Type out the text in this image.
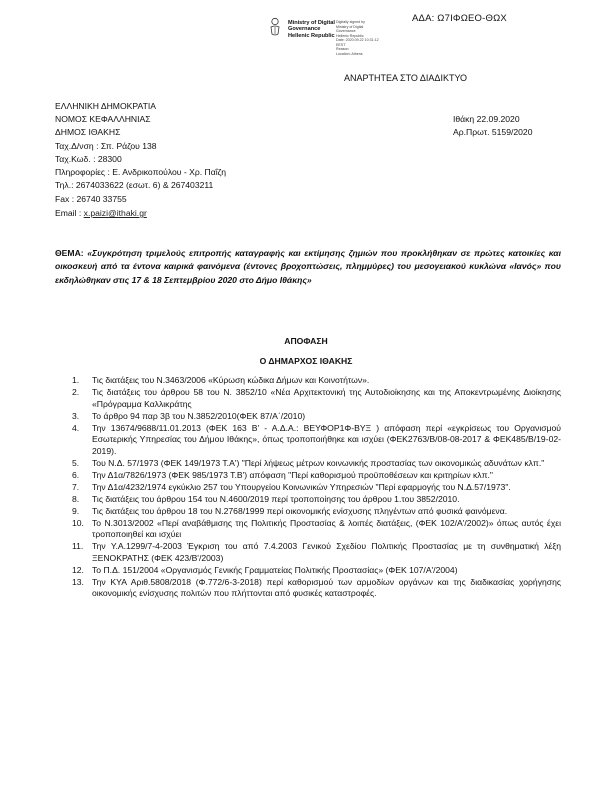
ΑΔΑ: Ω7ΙΦΩΕΟ-ΘΩΧ
Ministry of Digital
Governance
Hellenic Republic
Digitally signed by
Ministry of Digital
Governance
Hellenic Republic
Date: 2020.09.22 10:31:12
EEST
Reason:
Location: Athens
ΑΝΑΡΤΗΤΕΑ ΣΤΟ ΔΙΑΔΙΚΤΥΟ
ΕΛΛΗΝΙΚΗ ΔΗΜΟΚΡΑΤΙΑ
ΝΟΜΟΣ ΚΕΦΑΛΛΗΝΙΑΣ
ΔΗΜΟΣ ΙΘΑΚΗΣ
Ιθάκη 22.09.2020
Αρ.Πρωτ. 5159/2020
Ταχ.Δ/νση : Σπ. Ράζου 138
Ταχ.Κωδ. : 28300
Πληροφορίες : Ε. Ανδρικοπούλου - Χρ. Παΐζη
Τηλ.: 2674033622 (εσωτ. 6) & 267403211
Fax : 26740 33755
Email : x.paizi@ithaki.gr
ΘΕΜΑ: «Συγκρότηση τριμελούς επιτροπής καταγραφής και εκτίμησης ζημιών που προκλήθηκαν σε πρώτες κατοικίες και οικοσκευή από τα έντονα καιρικά φαινόμενα (έντονες βροχοπτώσεις, πλημμύρες) του μεσογειακού κυκλώνα «Ιανός» που εκδηλώθηκαν στις 17 & 18 Σεπτεμβρίου 2020 στο Δήμο Ιθάκης»
ΑΠΟΦΑΣΗ
Ο ΔΗΜΑΡΧΟΣ ΙΘΑΚΗΣ
1. Τις διατάξεις του Ν.3463/2006 «Κύρωση κώδικα Δήμων και Κοινοτήτων».
2. Τις διατάξεις του άρθρου 58 του Ν. 3852/10 «Νέα Αρχιτεκτονική της Αυτοδιοίκησης και της Αποκεντρωμένης Διοίκησης «Πρόγραμμα Καλλικράτης
3. Το άρθρο 94 παρ 3β του Ν.3852/2010(ΦΕΚ 87/Α΄/2010)
4. Την 13674/9688/11.01.2013 (ΦΕΚ 163 Β' - Α.Δ.Α.: ΒΕΥΦΟΡ1Φ-ΒΥΞ ) απόφαση περί «εγκρίσεως του Οργανισμού Εσωτερικής Υπηρεσίας του Δήμου Ιθάκης», όπως τροποποιήθηκε και ισχύει (ΦΕΚ2763/Β/08-08-2017 & ΦΕΚ485/Β/19-02-2019).
5. Του Ν.Δ. 57/1973 (ΦΕΚ 149/1973 Τ.Α') "Περί λήψεως μέτρων κοινωνικής προστασίας των οικονομικώς αδυνάτων κλπ."
6. Την Δ1α/7826/1973 (ΦΕΚ 985/1973 Τ.Β') απόφαση "Περί καθορισμού προϋποθέσεων και κριτηρίων κλπ."
7. Την Δ1α/4232/1974 εγκύκλιο 257 του Υπουργείου Κοινωνικών Υπηρεσιών "Περί εφαρμογής του Ν.Δ.57/1973".
8. Τις διατάξεις του άρθρου 154 του Ν.4600/2019 περί τροποποίησης του άρθρου 1.του 3852/2010.
9. Τις διατάξεις του άρθρου 18 του Ν.2768/1999 περί οικονομικής ενίσχυσης πληγέντων από φυσικά φαινόμενα.
10. Το Ν.3013/2002 «Περί αναβάθμισης της Πολιτικής Προστασίας & λοιπές διατάξεις, (ΦΕΚ 102/Α'/2002)» όπως αυτός έχει τροποποιηθεί και ισχύει
11. Την Υ.Α.1299/7-4-2003 Έγκριση του από 7.4.2003 Γενικού Σχεδίου Πολιτικής Προστασίας με τη συνθηματική λέξη ΞΕΝΟΚΡΑΤΗΣ (ΦΕΚ 423/Β'/2003)
12. Το Π.Δ. 151/2004 «Οργανισμός Γενικής Γραμματείας Πολιτικής Προστασίας» (ΦΕΚ 107/Α'/2004)
13. Την ΚΥΑ Αριθ.5808/2018 (Φ.772/6-3-2018) περί καθορισμού των αρμοδίων οργάνων και της διαδικασίας χορήγησης οικονομικής ενίσχυσης πολιτών που πλήττονται από φυσικές καταστροφές.
